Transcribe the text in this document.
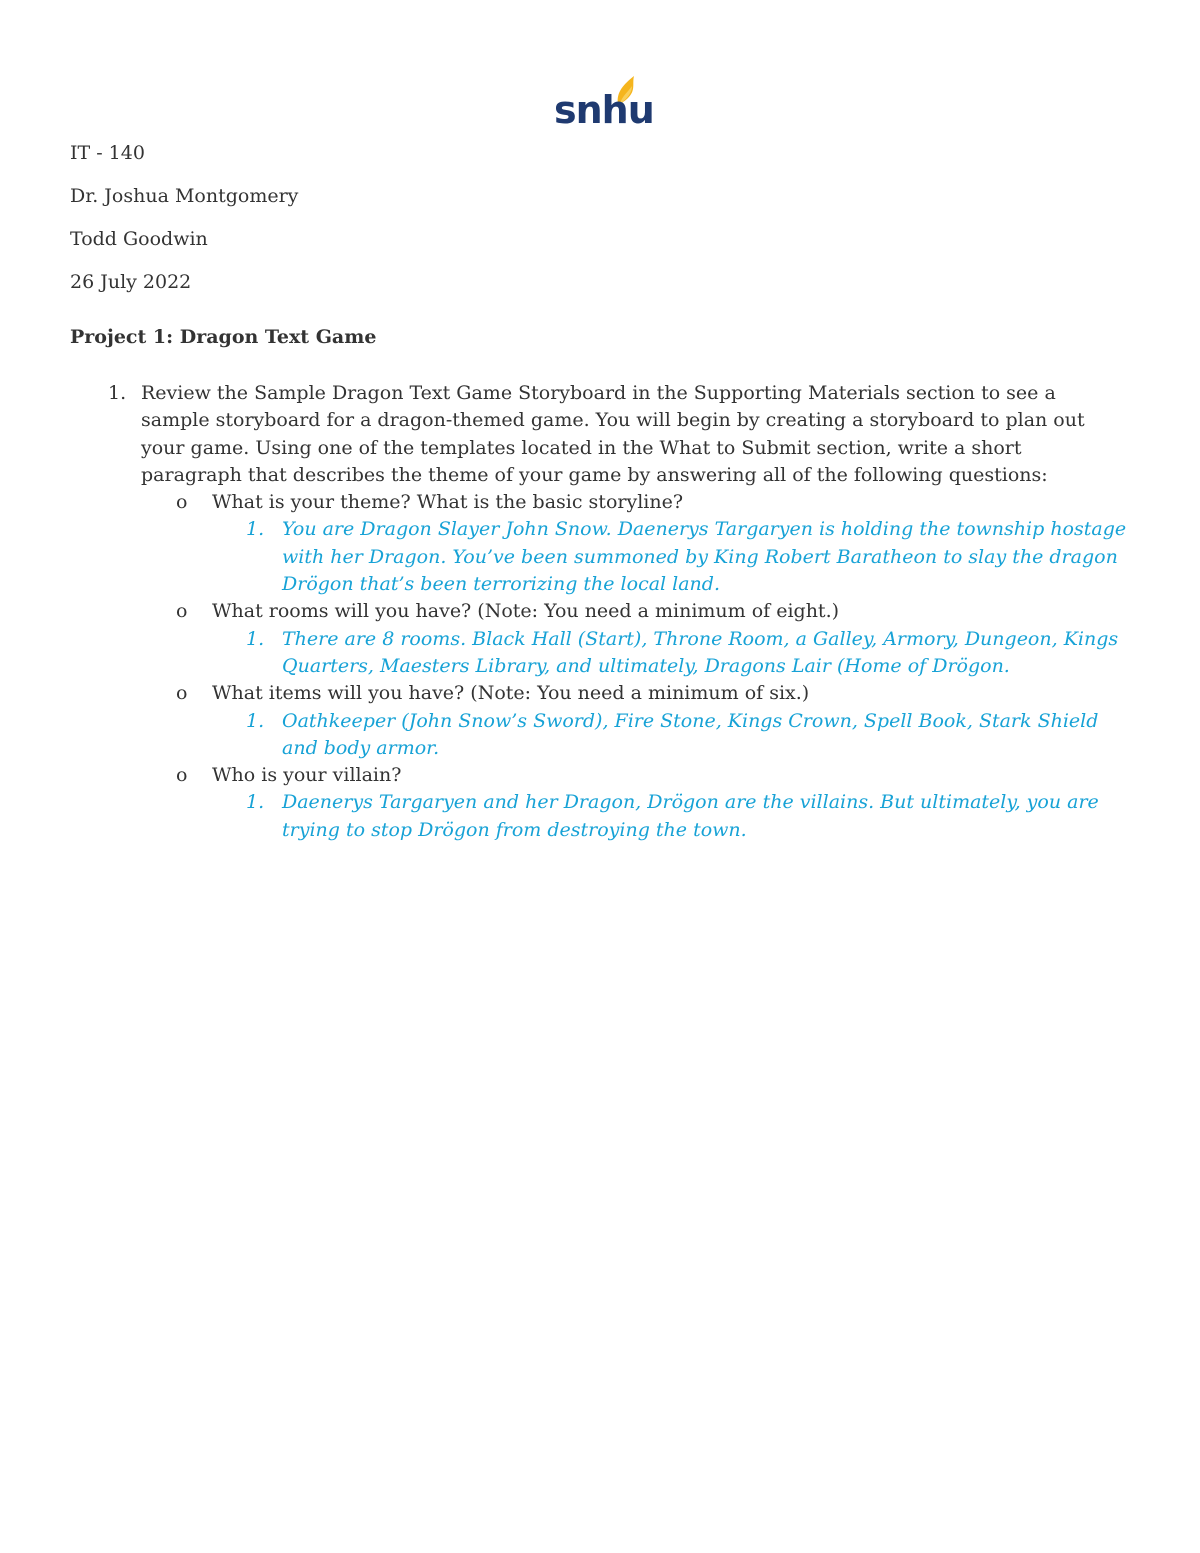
snhu
IT - 140
Dr. Joshua Montgomery
Todd Goodwin
26 July 2022
Project 1: Dragon Text Game
1. Review the Sample Dragon Text Game Storyboard in the Supporting Materials section to see a sample storyboard for a dragon-themed game. You will begin by creating a storyboard to plan out your game. Using one of the templates located in the What to Submit section, write a short paragraph that describes the theme of your game by answering all of the following questions:
o What is your theme? What is the basic storyline?
1. You are Dragon Slayer John Snow. Daenerys Targaryen is holding the township hostage with her Dragon. You’ve been summoned by King Robert Baratheon to slay the dragon Drögon that’s been terrorizing the local land.
o What rooms will you have? (Note: You need a minimum of eight.)
1. There are 8 rooms. Black Hall (Start), Throne Room, a Galley, Armory, Dungeon, Kings Quarters, Maesters Library, and ultimately, Dragons Lair (Home of Drögon.
o What items will you have? (Note: You need a minimum of six.)
1. Oathkeeper (John Snow’s Sword), Fire Stone, Kings Crown, Spell Book, Stark Shield and body armor.
o Who is your villain?
1. Daenerys Targaryen and her Dragon, Drögon are the villains. But ultimately, you are trying to stop Drögon from destroying the town.
